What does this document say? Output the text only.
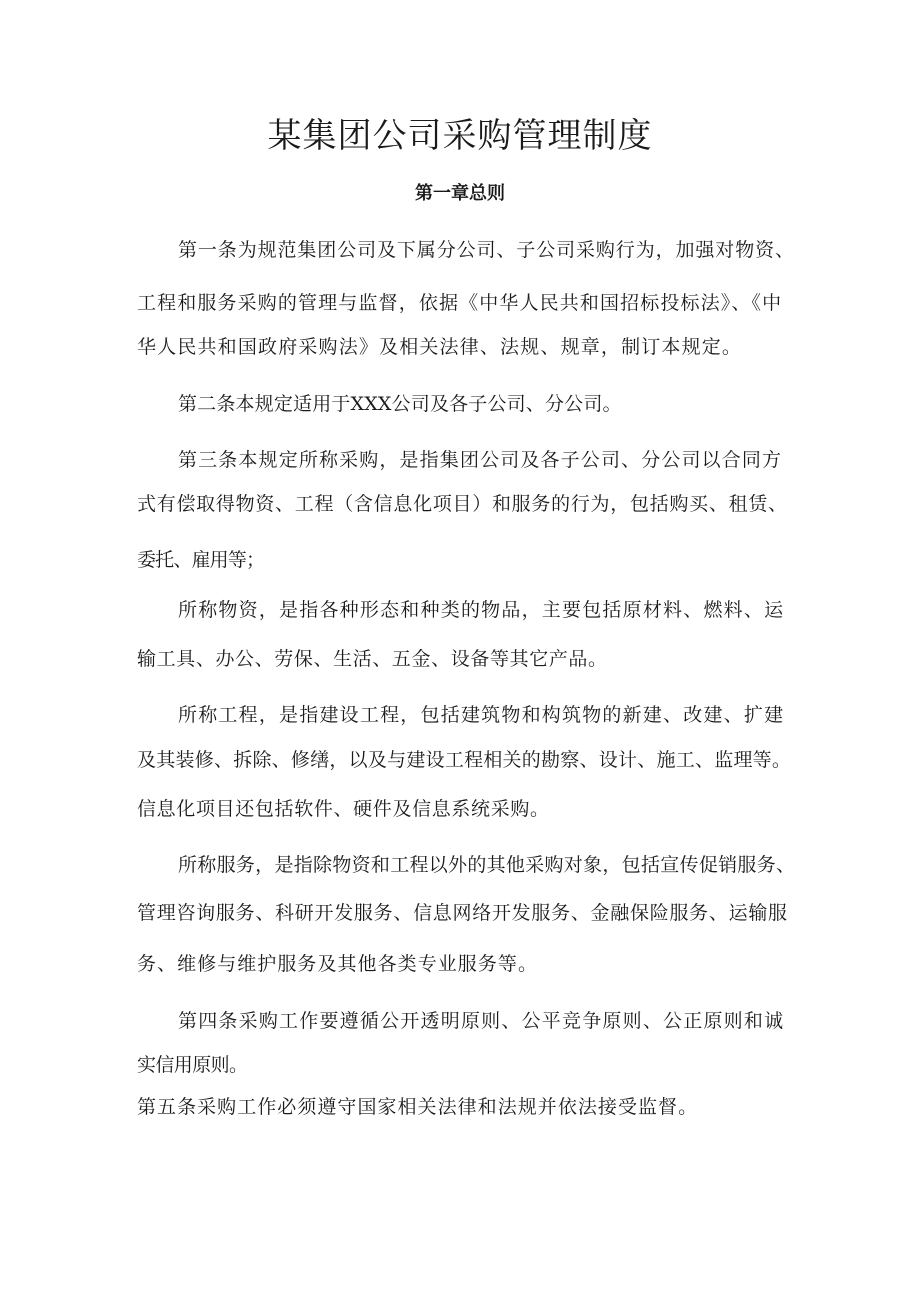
某集团公司采购管理制度
第一章总则
第一条为规范集团公司及下属分公司、子公司采购行为，加强对物资、
工程和服务采购的管理与监督，依据《中华人民共和国招标投标法》、《中
华人民共和国政府采购法》及相关法律、法规、规章，制订本规定。
第二条本规定适用于XXX公司及各子公司、分公司。
第三条本规定所称采购，是指集团公司及各子公司、分公司以合同方
式有偿取得物资、工程（含信息化项目）和服务的行为，包括购买、租赁、
委托、雇用等；
所称物资，是指各种形态和种类的物品，主要包括原材料、燃料、运
输工具、办公、劳保、生活、五金、设备等其它产品。
所称工程，是指建设工程，包括建筑物和构筑物的新建、改建、扩建
及其装修、拆除、修缮，以及与建设工程相关的勘察、设计、施工、监理等。
信息化项目还包括软件、硬件及信息系统采购。
所称服务，是指除物资和工程以外的其他采购对象，包括宣传促销服务、
管理咨询服务、科研开发服务、信息网络开发服务、金融保险服务、运输服
务、维修与维护服务及其他各类专业服务等。
第四条采购工作要遵循公开透明原则、公平竞争原则、公正原则和诚
实信用原则。
第五条采购工作必须遵守国家相关法律和法规并依法接受监督。
